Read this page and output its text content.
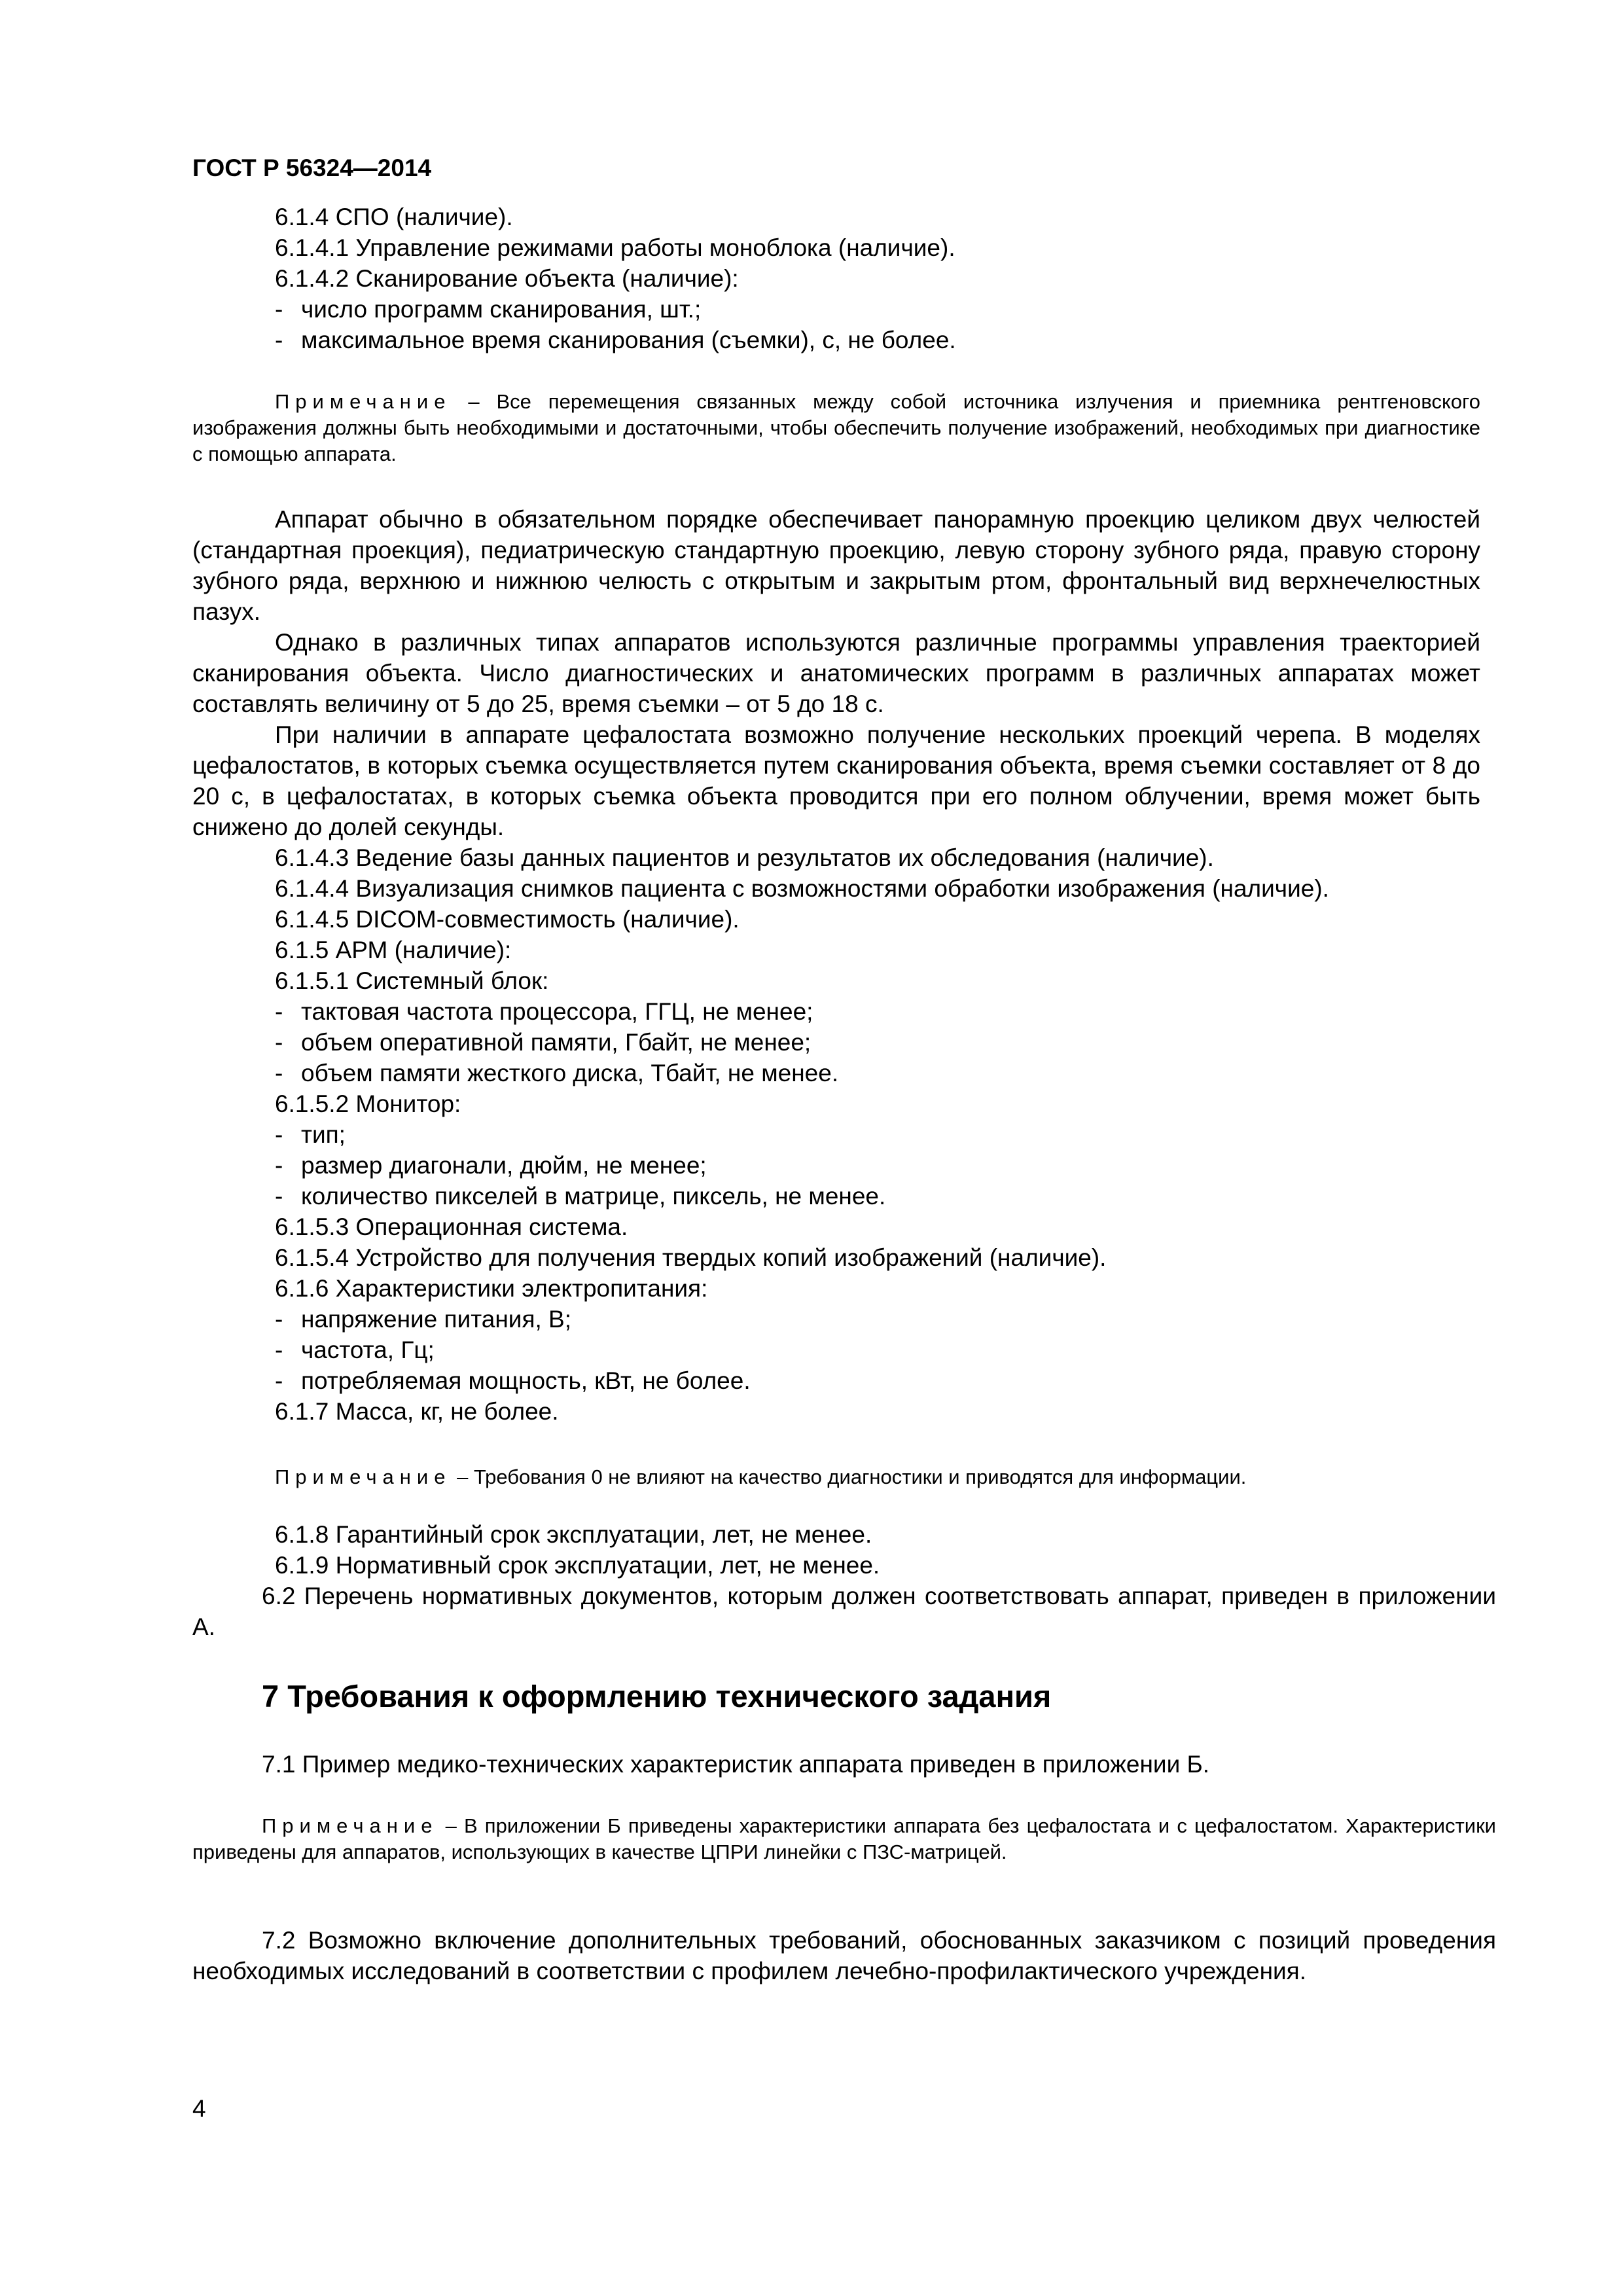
ГОСТ Р 56324—2014
6.1.4 СПО (наличие).
6.1.4.1 Управление режимами работы моноблока (наличие).
6.1.4.2 Сканирование объекта (наличие):
- число программ сканирования, шт.;
- максимальное время сканирования (съемки), с, не более.
Примечание – Все перемещения связанных между собой источника излучения и приемника рентгеновского изображения должны быть необходимыми и достаточными, чтобы обеспечить получение изображений, необходимых при диагностике с помощью аппарата.
Аппарат обычно в обязательном порядке обеспечивает панорамную проекцию целиком двух челюстей (стандартная проекция), педиатрическую стандартную проекцию, левую сторону зубного ряда, правую сторону зубного ряда, верхнюю и нижнюю челюсть с открытым и закрытым ртом, фронтальный вид верхнечелюстных пазух.
Однако в различных типах аппаратов используются различные программы управления траекторией сканирования объекта. Число диагностических и анатомических программ в различных аппаратах может составлять величину от 5 до 25, время съемки – от 5 до 18 с.
При наличии в аппарате цефалостата возможно получение нескольких проекций черепа. В моделях цефалостатов, в которых съемка осуществляется путем сканирования объекта, время съемки составляет от 8 до 20 с, в цефалостатах, в которых съемка объекта проводится при его полном облучении, время может быть снижено до долей секунды.
6.1.4.3 Ведение базы данных пациентов и результатов их обследования (наличие).
6.1.4.4 Визуализация снимков пациента с возможностями обработки изображения (наличие).
6.1.4.5 DICOM-совместимость (наличие).
6.1.5 АРМ (наличие):
6.1.5.1 Системный блок:
- тактовая частота процессора, ГГЦ, не менее;
- объем оперативной памяти, Гбайт, не менее;
- объем памяти жесткого диска, Тбайт, не менее.
6.1.5.2 Монитор:
- тип;
- размер диагонали, дюйм, не менее;
- количество пикселей в матрице, пиксель, не менее.
6.1.5.3 Операционная система.
6.1.5.4 Устройство для получения твердых копий изображений (наличие).
6.1.6 Характеристики электропитания:
- напряжение питания, В;
- частота, Гц;
- потребляемая мощность, кВт, не более.
6.1.7 Масса, кг, не более.
Примечание – Требования 0 не влияют на качество диагностики и приводятся для информации.
6.1.8 Гарантийный срок эксплуатации, лет, не менее.
6.1.9 Нормативный срок эксплуатации, лет, не менее.
6.2 Перечень нормативных документов, которым должен соответствовать аппарат, приведен в приложении А.
7 Требования к оформлению технического задания
7.1 Пример медико-технических характеристик аппарата приведен в приложении Б.
Примечание – В приложении Б приведены характеристики аппарата без цефалостата и с цефалостатом. Характеристики приведены для аппаратов, использующих в качестве ЦПРИ линейки с ПЗС-матрицей.
7.2 Возможно включение дополнительных требований, обоснованных заказчиком с позиций проведения необходимых исследований в соответствии с профилем лечебно-профилактического учреждения.
4
